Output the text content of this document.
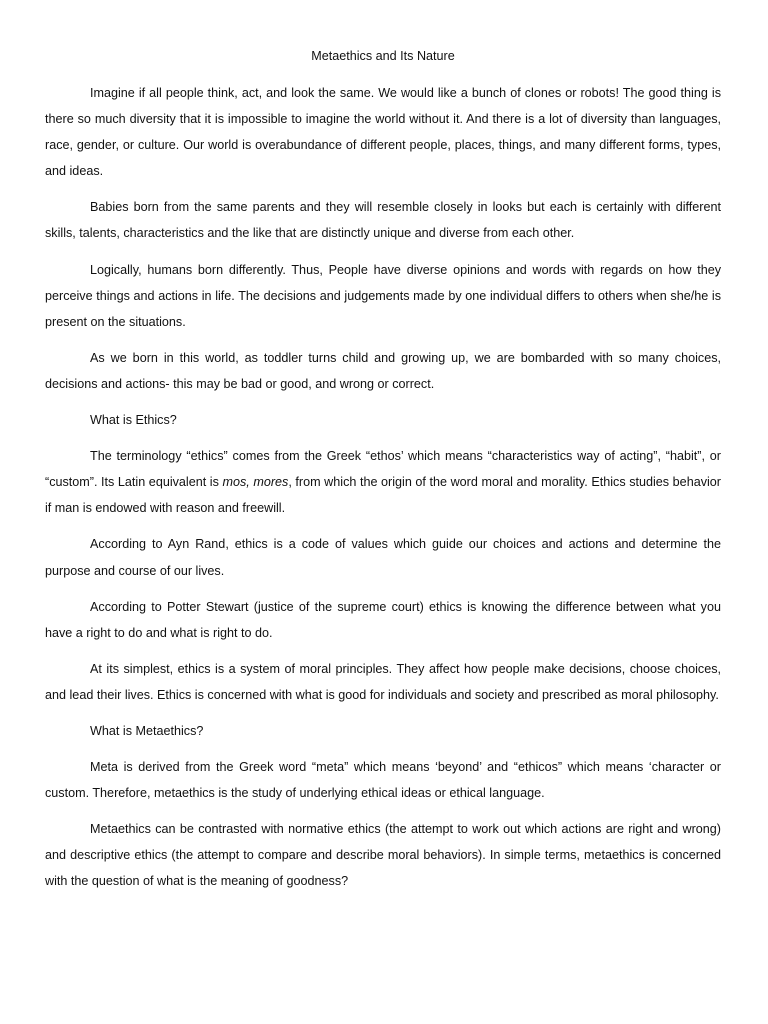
Metaethics and Its Nature

Imagine if all people think, act, and look the same. We would like a bunch of clones or robots! The good thing is there so much diversity that it is impossible to imagine the world without it. And there is a lot of diversity than languages, race, gender, or culture. Our world is overabundance of different people, places, things, and many different forms, types, and ideas.

Babies born from the same parents and they will resemble closely in looks but each is certainly with different skills, talents, characteristics and the like that are distinctly unique and diverse from each other.

Logically, humans born differently. Thus, People have diverse opinions and words with regards on how they perceive things and actions in life. The decisions and judgements made by one individual differs to others when she/he is present on the situations.

As we born in this world, as toddler turns child and growing up, we are bombarded with so many choices, decisions and actions- this may be bad or good, and wrong or correct.

What is Ethics?

The terminology “ethics” comes from the Greek “ethos’ which means “characteristics way of acting”, “habit”, or “custom”. Its Latin equivalent is mos, mores, from which the origin of the word moral and morality. Ethics studies behavior if man is endowed with reason and freewill.

According to Ayn Rand, ethics is a code of values which guide our choices and actions and determine the purpose and course of our lives.

According to Potter Stewart (justice of the supreme court) ethics is knowing the difference between what you have a right to do and what is right to do.

At its simplest, ethics is a system of moral principles. They affect how people make decisions, choose choices, and lead their lives. Ethics is concerned with what is good for individuals and society and prescribed as moral philosophy.

What is Metaethics?

Meta is derived from the Greek word “meta” which means ‘beyond’ and “ethicos” which means ‘character or custom. Therefore, metaethics is the study of underlying ethical ideas or ethical language.

Metaethics can be contrasted with normative ethics (the attempt to work out which actions are right and wrong) and descriptive ethics (the attempt to compare and describe moral behaviors). In simple terms, metaethics is concerned with the question of what is the meaning of goodness?
